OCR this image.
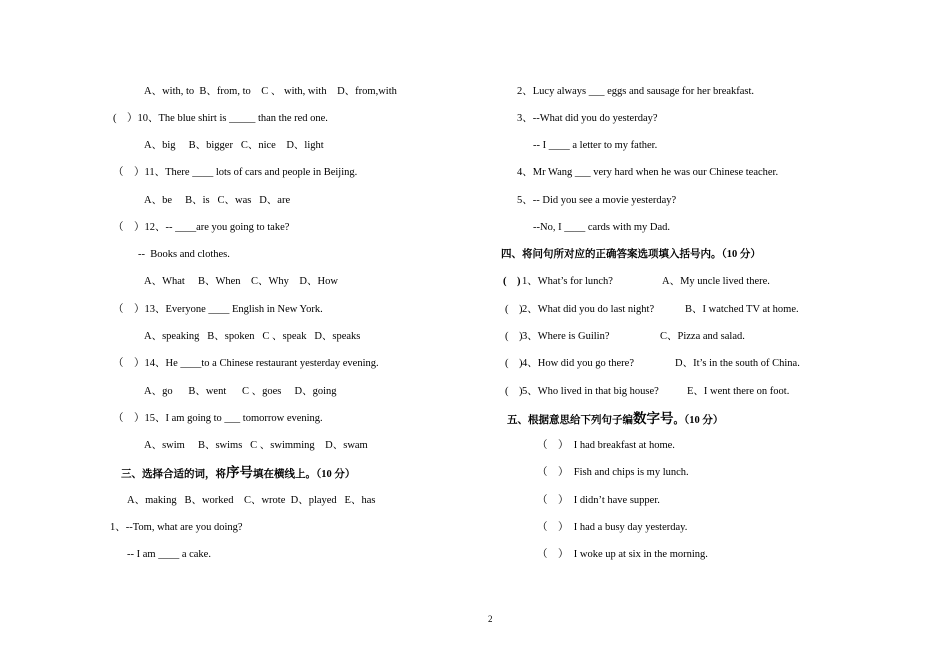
A、with, to  B、from, to    C 、 with, with    D、from,with
(    ）10、The blue shirt is _____ than the red one.
A、big     B、bigger   C、nice    D、light
（    ）11、There ____ lots of cars and people in Beijing.
A、be     B、is   C、was   D、are
（    ）12、-- ____are you going to take?
--  Books and clothes.
A、What     B、When    C、Why    D、How
（    ）13、Everyone ____ English in New York.
A、speaking   B、spoken   C 、speak   D、speaks
（    ）14、He ____to a Chinese restaurant yesterday evening.
A、go      B、went      C 、goes     D、going
（    ）15、I am going to ___ tomorrow evening.
A、swim     B、swims   C 、swimming    D、swam
三、选择合适的词，将序号填在横线上。（10 分）
A、making   B、worked    C、wrote  D、played   E、has
1、--Tom, what are you doing?
-- I am ____ a cake.
2、Lucy always ___ eggs and sausage for her breakfast.
3、--What did you do yesterday?
-- I ____ a letter to my father.
4、Mr Wang ___ very hard when he was our Chinese teacher.
5、-- Did you see a movie yesterday?
--No, I ____ cards with my Dad.
四、将问句所对应的正确答案选项填入括号内。（10 分）
(    ) 1、What’s for lunch?	A、My uncle lived there.
(    ) 2、What did you do last night?	B、I watched TV at home.
(    ) 3、Where is Guilin?	C、Pizza and salad.
(    ) 4、How did you go there?	D、It’s in the south of China.
(    ) 5、Who lived in that big house?	E、I went there on foot.
五、根据意思给下列句子编数字号。（10 分）
（    ）  I had breakfast at home.
（    ）  Fish and chips is my lunch.
（    ）  I didn’t have supper.
（    ）  I had a busy day yesterday.
（    ）  I woke up at six in the morning.
2
